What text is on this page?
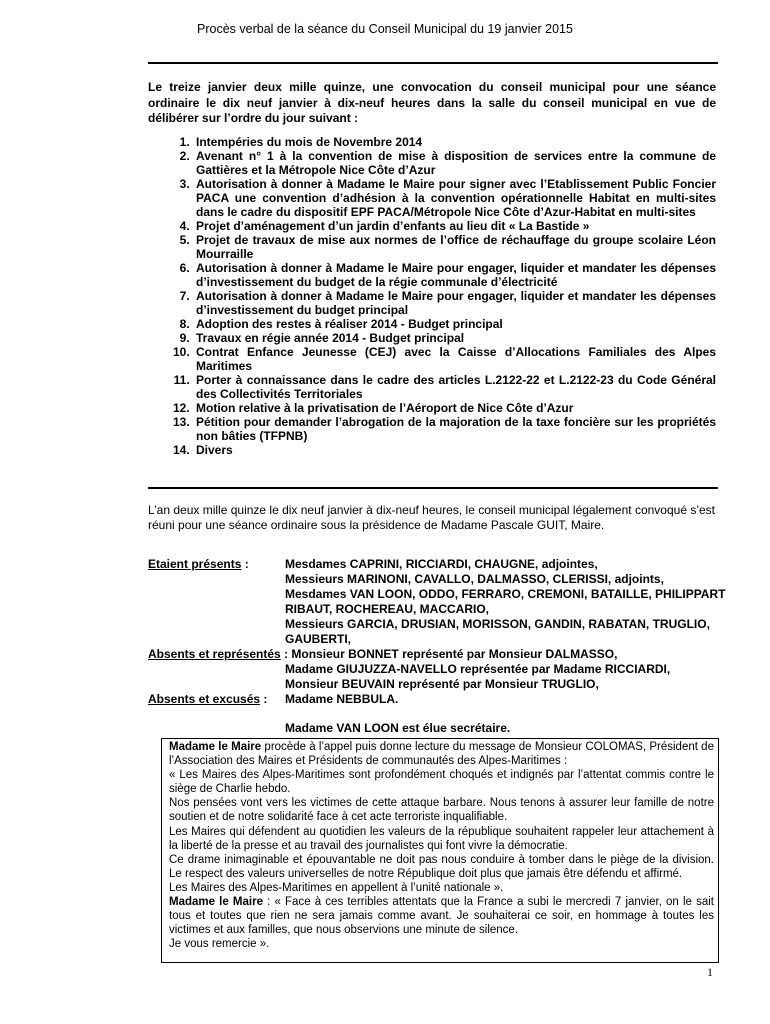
Procès verbal de la séance du Conseil Municipal du 19 janvier 2015
Le treize janvier deux mille quinze, une convocation du conseil municipal pour une séance ordinaire le dix neuf janvier à dix-neuf heures dans la salle du conseil municipal en vue de délibérer sur l’ordre du jour suivant :
1. Intempéries du mois de Novembre 2014
2. Avenant n° 1 à la convention de mise à disposition de services entre la commune de Gattières et la Métropole Nice Côte d’Azur
3. Autorisation à donner à Madame le Maire pour signer avec l’Etablissement Public Foncier PACA une convention d’adhésion à la convention opérationnelle Habitat en multi-sites dans le cadre du dispositif EPF PACA/Métropole Nice Côte d’Azur-Habitat en multi-sites
4. Projet d’aménagement d’un jardin d’enfants au lieu dit « La Bastide »
5. Projet de travaux de mise aux normes de l’office de réchauffage du groupe scolaire Léon Mourraille
6. Autorisation à donner à Madame le Maire pour engager, liquider et mandater les dépenses d’investissement du budget de la régie communale d’électricité
7. Autorisation à donner à Madame le Maire pour engager, liquider et mandater les dépenses d’investissement du budget principal
8. Adoption des restes à réaliser 2014 - Budget principal
9. Travaux en régie année 2014 - Budget principal
10. Contrat Enfance Jeunesse (CEJ) avec la Caisse d’Allocations Familiales des Alpes Maritimes
11. Porter à connaissance dans le cadre des articles L.2122-22 et L.2122-23 du Code Général des Collectivités Territoriales
12. Motion relative à la privatisation de l’Aéroport de Nice Côte d’Azur
13. Pétition pour demander l’abrogation de la majoration de la taxe foncière sur les propriétés non bâties (TFPNB)
14. Divers
L’an deux mille quinze le dix neuf janvier à dix-neuf heures, le conseil municipal légalement convoqué s’est réuni pour une séance ordinaire sous la présidence de Madame Pascale GUIT, Maire.
Etaient présents :	Mesdames CAPRINI, RICCIARDI, CHAUGNE, adjointes,
Messieurs MARINONI, CAVALLO, DALMASSO, CLERISSI, adjoints,
Mesdames VAN LOON, ODDO, FERRARO, CREMONI, BATAILLE, PHILIPPART RIBAUT, ROCHEREAU, MACCARIO,
Messieurs GARCIA, DRUSIAN, MORISSON, GANDIN, RABATAN, TRUGLIO, GAUBERTI,
Absents et représentés : Monsieur BONNET représenté par Monsieur DALMASSO,
Madame GIUJUZZA-NAVELLO représentée par Madame RICCIARDI,
Monsieur BEUVAIN représenté par Monsieur TRUGLIO,
Absents et excusés :	Madame NEBBULA.
Madame VAN LOON est élue secrétaire.

Madame le Maire procède à l’appel puis donne lecture du message de Monsieur COLOMAS, Président de l’Association des Maires et Présidents de communautés des Alpes-Maritimes :

« Les Maires des Alpes-Maritimes sont profondément choqués et indignés par l’attentat commis contre le siège de Charlie hebdo.

Nos pensées vont vers les victimes de cette attaque barbare. Nous tenons à assurer leur famille de notre soutien et de notre solidarité face à cet acte terroriste inqualifiable.

Les Maires qui défendent au quotidien les valeurs de la république souhaitent rappeler leur attachement à la liberté de la presse et au travail des journalistes qui font vivre la démocratie.

Ce drame inimaginable et épouvantable ne doit pas nous conduire à tomber dans le piège de la division. Le respect des valeurs universelles de notre République doit plus que jamais être défendu et affirmé.

Les Maires des Alpes-Maritimes en appellent à l’unité nationale ».

Madame le Maire : « Face à ces terribles attentats que la France a subi le mercredi 7 janvier, on le sait tous et toutes que rien ne sera jamais comme avant. Je souhaiterai ce soir, en hommage à toutes les victimes et aux familles, que nous observions une minute de silence.

Je vous remercie ».

1
